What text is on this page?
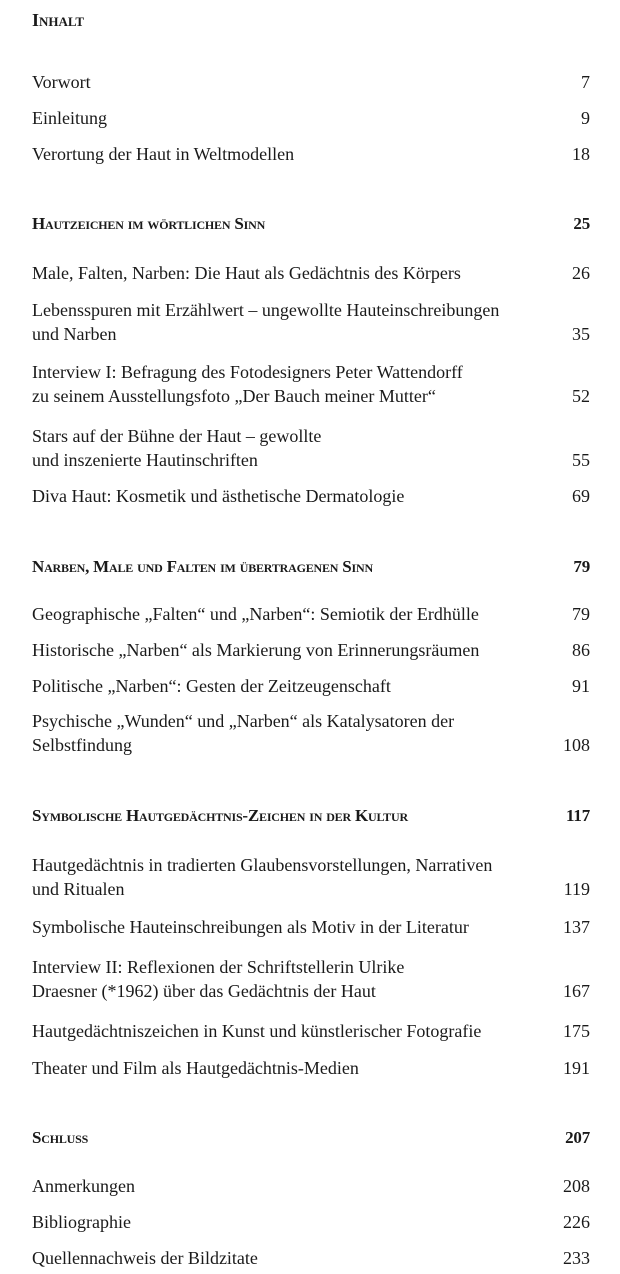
Inhalt
Vorwort	7
Einleitung	9
Verortung der Haut in Weltmodellen	18
Hautzeichen im wörtlichen Sinn	25
Male, Falten, Narben: Die Haut als Gedächtnis des Körpers	26
Lebensspuren mit Erzählwert – ungewollte Hauteinschreibungen
und Narben	35
Interview I: Befragung des Fotodesigners Peter Wattendorff
zu seinem Ausstellungsfoto „Der Bauch meiner Mutter“	52
Stars auf der Bühne der Haut – gewollte
und inszenierte Hautinschriften	55
Diva Haut: Kosmetik und ästhetische Dermatologie	69
Narben, Male und Falten im übertragenen Sinn	79
Geographische „Falten“ und „Narben“: Semiotik der Erdhülle	79
Historische „Narben“ als Markierung von Erinnerungsräumen	86
Politische „Narben“: Gesten der Zeitzeugenschaft	91
Psychische „Wunden“ und „Narben“ als Katalysatoren der
Selbstfindung	108
Symbolische Hautgedächtnis-Zeichen in der Kultur	117
Hautgedächtnis in tradierten Glaubensvorstellungen, Narrativen
und Ritualen	119
Symbolische Hauteinschreibungen als Motiv in der Literatur	137
Interview II: Reflexionen der Schriftstellerin Ulrike
Draesner (*1962) über das Gedächtnis der Haut	167
Hautgedächtniszeichen in Kunst und künstlerischer Fotografie	175
Theater und Film als Hautgedächtnis-Medien	191
Schluss	207
Anmerkungen	208
Bibliographie	226
Quellennachweis der Bildzitate	233
